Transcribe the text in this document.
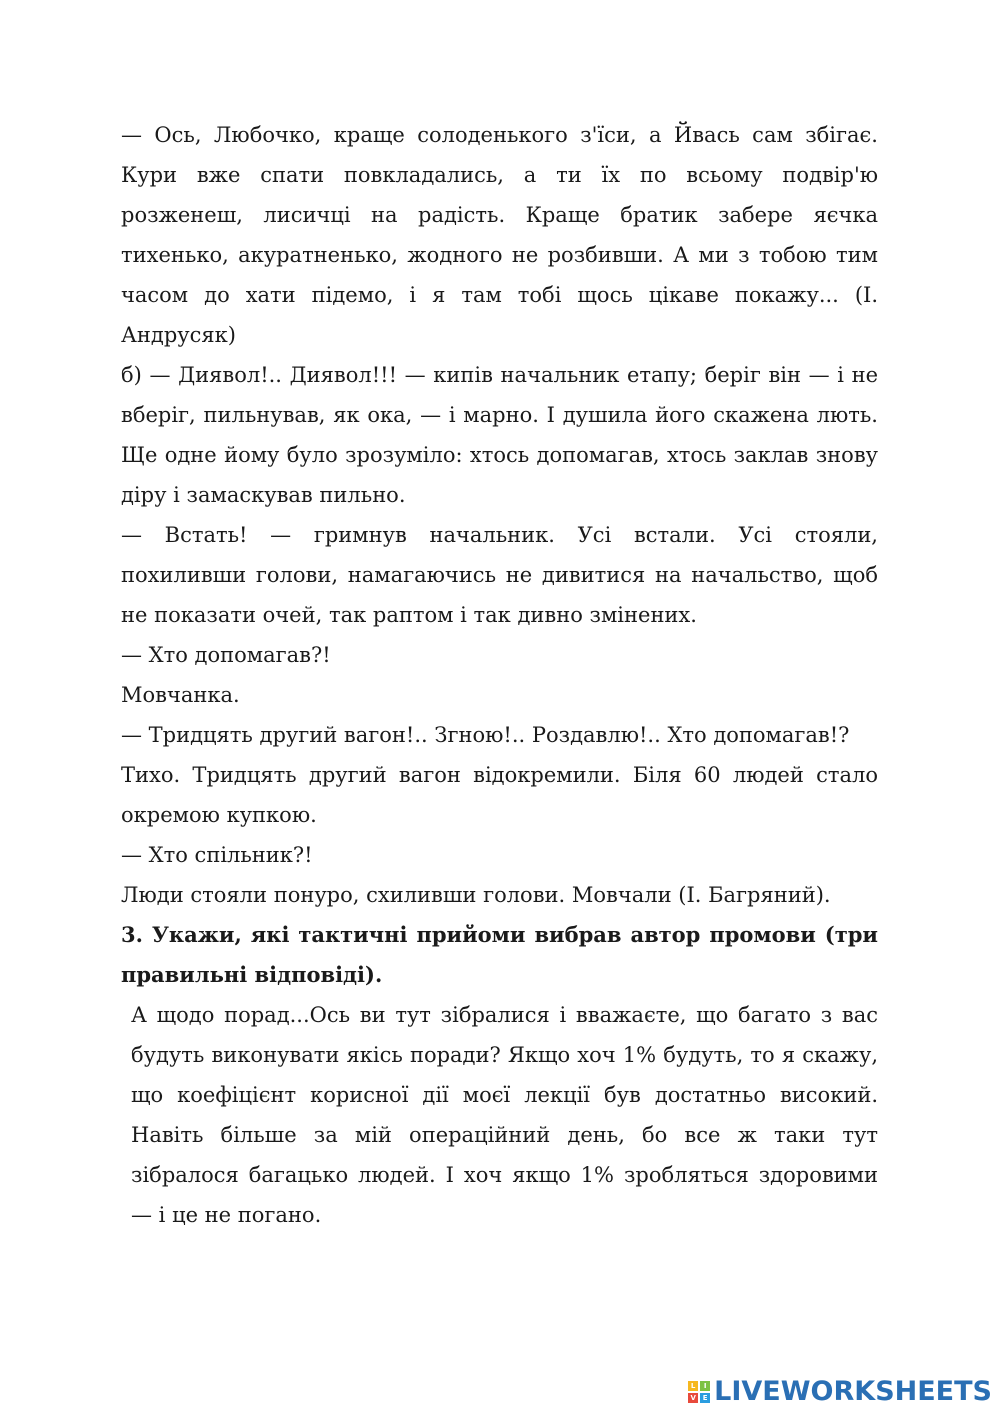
— Ось, Любочко, краще солоденького з'їси, а Йвась сам збігає. Кури вже спати повкладались, а ти їх по всьому подвір'ю розженеш, лисичці на радість. Краще братик забере яєчка тихенько, акуратненько, жодного не розбивши. А ми з тобою тим часом до хати підемо, і я там тобі щось цікаве покажу... (І. Андрусяк)

б) — Диявол!.. Диявол!!! — кипів начальник етапу; беріг він — і не вберіг, пильнував, як ока, — і марно. І душила його скажена лють. Ще одне йому було зрозуміло: хтось допомагав, хтось заклав знову діру і замаскував пильно.

— Встать! — гримнув начальник. Усі встали. Усі стояли, похиливши голови, намагаючись не дивитися на начальство, щоб не показати очей, так раптом і так дивно змінених.

— Хто допомагав?!

Мовчанка.

— Тридцять другий вагон!.. Згною!.. Роздавлю!.. Хто допомагав!?

Тихо. Тридцять другий вагон відокремили. Біля 60 людей стало окремою купкою.

— Хто спільник?!

Люди стояли понуро, схиливши голови. Мовчали (І. Багряний).

3. Укажи, які тактичні прийоми вибрав автор промови (три правильні відповіді).

А щодо порад...Ось ви тут зібралися і вважаєте, що багато з вас будуть виконувати якісь поради? Якщо хоч 1% будуть, то я скажу, що коефіцієнт корисної дії моєї лекції був достатньо високий. Навіть більше за мій операційний день, бо все ж таки тут зібралося багацько людей. І хоч якщо 1% зробляться здоровими — і це не погано.

L	I
V E LIVEWORKSHEETS
